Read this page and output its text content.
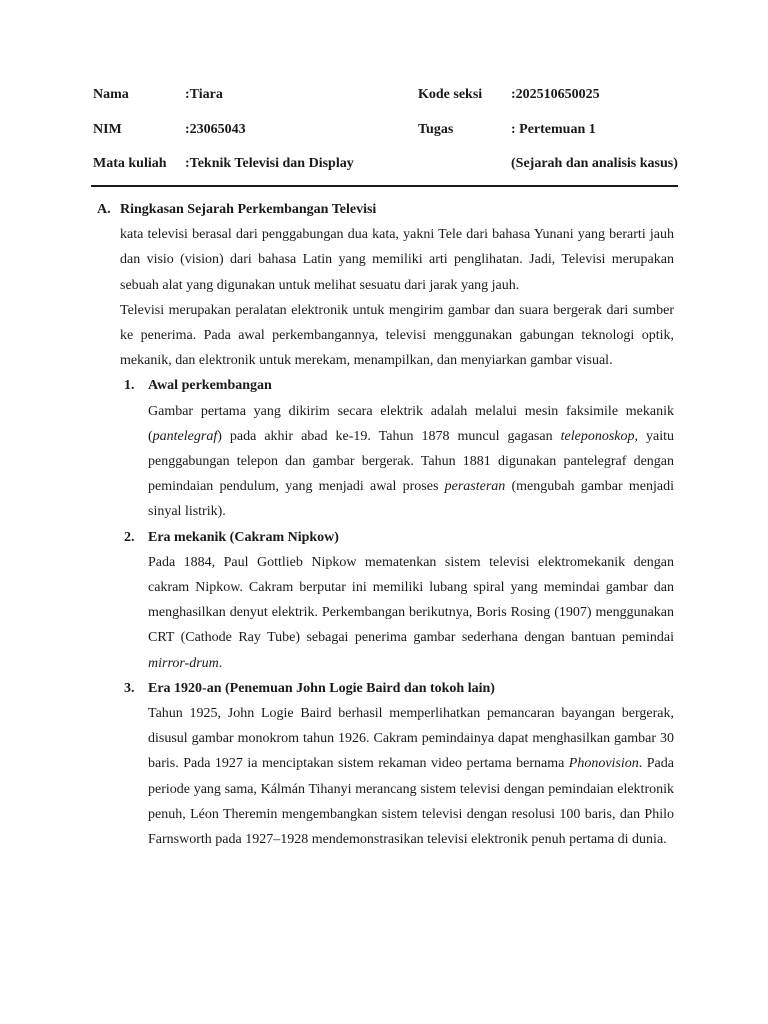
Nama	:Tiara	Kode seksi :202510650025
NIM	:23065043	Tugas	: Pertemuan 1
Mata kuliah :Teknik Televisi dan Display	(Sejarah dan analisis kasus)
A. Ringkasan Sejarah Perkembangan Televisi
kata televisi berasal dari penggabungan dua kata, yakni Tele dari bahasa Yunani yang berarti jauh dan visio (vision) dari bahasa Latin yang memiliki arti penglihatan. Jadi, Televisi merupakan sebuah alat yang digunakan untuk melihat sesuatu dari jarak yang jauh.
Televisi merupakan peralatan elektronik untuk mengirim gambar dan suara bergerak dari sumber ke penerima. Pada awal perkembangannya, televisi menggunakan gabungan teknologi optik, mekanik, dan elektronik untuk merekam, menampilkan, dan menyiarkan gambar visual.
1. Awal perkembangan
Gambar pertama yang dikirim secara elektrik adalah melalui mesin faksimile mekanik (pantelegraf) pada akhir abad ke-19. Tahun 1878 muncul gagasan teleponoskop, yaitu penggabungan telepon dan gambar bergerak. Tahun 1881 digunakan pantelegraf dengan pemindaian pendulum, yang menjadi awal proses perasteran (mengubah gambar menjadi sinyal listrik).
2. Era mekanik (Cakram Nipkow)
Pada 1884, Paul Gottlieb Nipkow mematenkan sistem televisi elektromekanik dengan cakram Nipkow. Cakram berputar ini memiliki lubang spiral yang memindai gambar dan menghasilkan denyut elektrik. Perkembangan berikutnya, Boris Rosing (1907) menggunakan CRT (Cathode Ray Tube) sebagai penerima gambar sederhana dengan bantuan pemindai mirror-drum.
3. Era 1920-an (Penemuan John Logie Baird dan tokoh lain)
Tahun 1925, John Logie Baird berhasil memperlihatkan pemancaran bayangan bergerak, disusul gambar monokrom tahun 1926. Cakram pemindainya dapat menghasilkan gambar 30 baris. Pada 1927 ia menciptakan sistem rekaman video pertama bernama Phonovision. Pada periode yang sama, Kálmán Tihanyi merancang sistem televisi dengan pemindaian elektronik penuh, Léon Theremin mengembangkan sistem televisi dengan resolusi 100 baris, dan Philo Farnsworth pada 1927–1928 mendemonstrasikan televisi elektronik penuh pertama di dunia.
